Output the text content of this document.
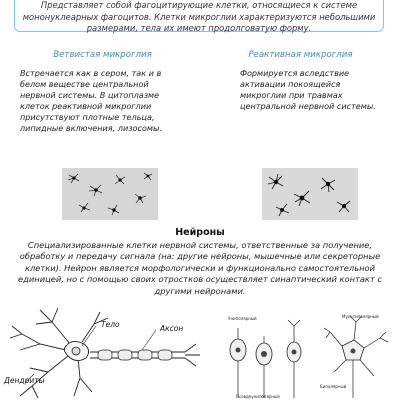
Представляет собой фагоцитирующие клетки, относящиеся к системе мононуклеарных фагоцитов. Клетки микроглии характеризуются небольшими размерами, тела их имеют продолговатую форму.
Ветвистая микроглия
Встречается как в сером, так и в белом веществе центральной нервной системы. В цитоплазме клеток реактивной микроглии присутствуют плотные тельца, липидные включения, лизосомы.
Реактивная микроглия
Формируется вследствие активации покоящейся микроглии при травмах центральной нервной системы.
Нейроны
Специализированные клетки нервной системы, ответственные за получение, обработку и передачу сигнала (на: другие нейроны, мышечные или секреторные клетки). Нейрон является морфологически и функционально самостоятельной единицей, но с помощью своих отростков осуществляет синаптический контакт с другими нейронами.
Тело	Аксон
Дендриты
Униполярный	Мультиполярный
Биполярный
Псевдоуниполярный
